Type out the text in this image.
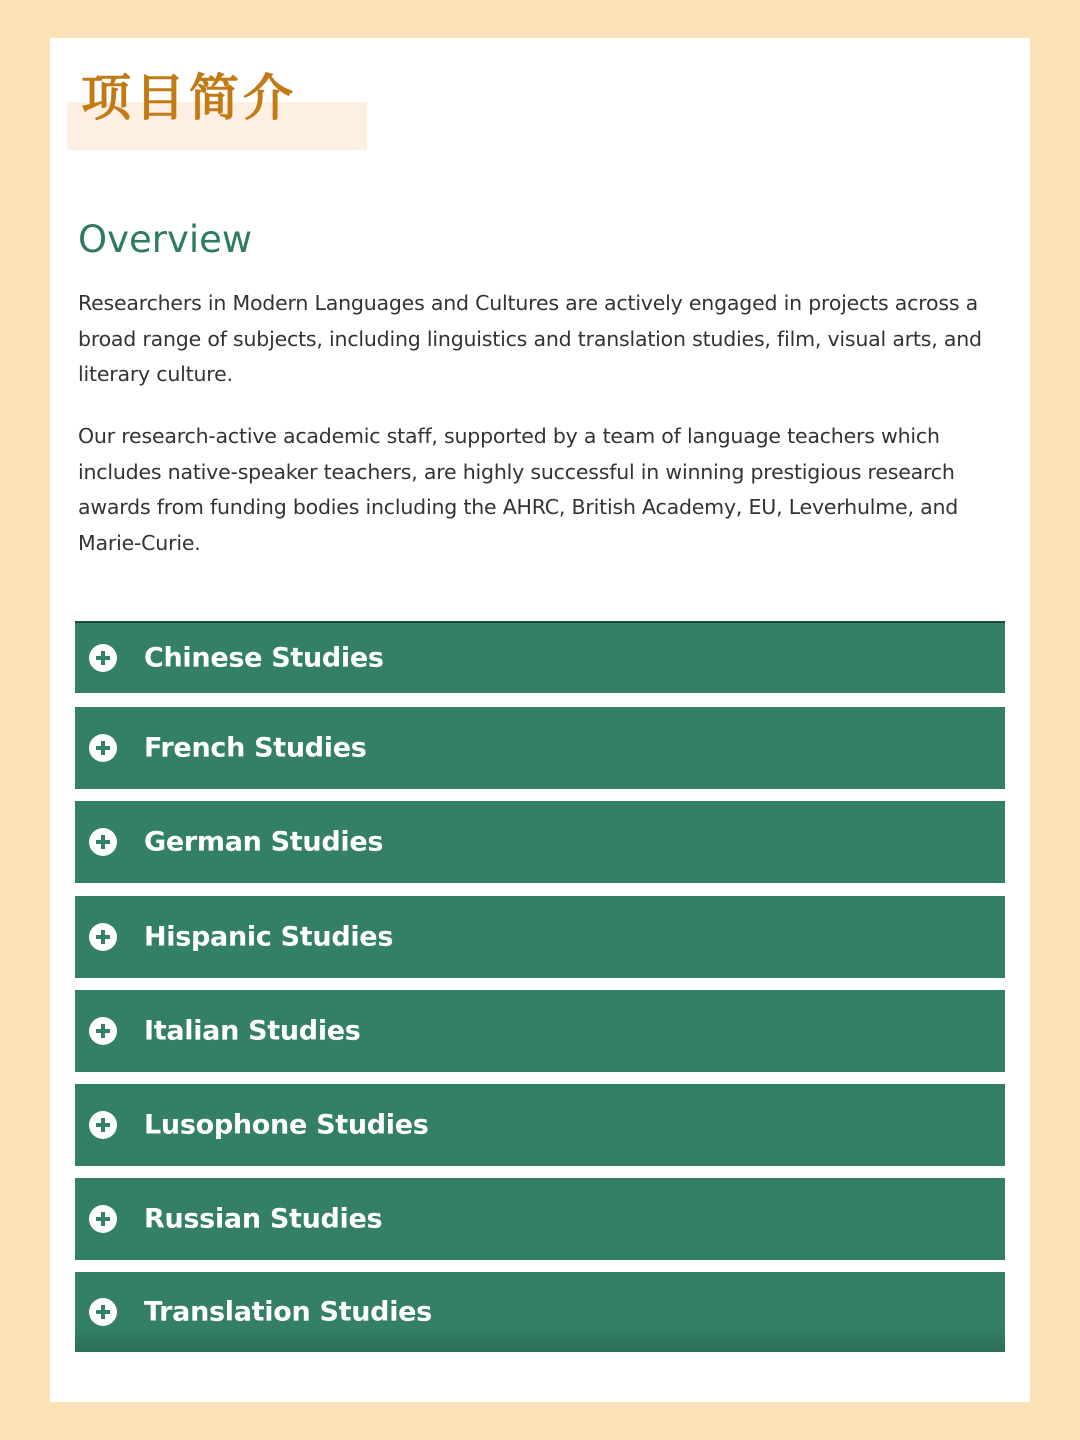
项目简介
Overview

Researchers in Modern Languages and Cultures are actively engaged in projects across a broad range of subjects, including linguistics and translation studies, film, visual arts, and literary culture.

Our research-active academic staff, supported by a team of language teachers which includes native-speaker teachers, are highly successful in winning prestigious research awards from funding bodies including the AHRC, British Academy, EU, Leverhulme, and Marie-Curie.

Chinese Studies
French Studies
German Studies
Hispanic Studies
Italian Studies
Lusophone Studies
Russian Studies
Translation Studies
